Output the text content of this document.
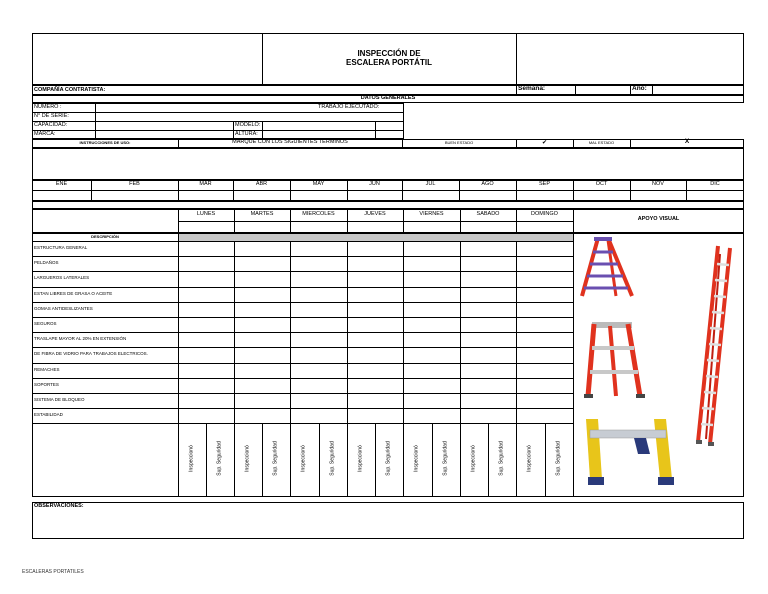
INSPECCIÓN DE
ESCALERA PORTÁTIL
COMPAÑÍA CONTRATISTA:	Semana:	Año:
DATOS GENERALES
NUMERO :
N° DE SERIE:
CAPACIDAD:
MARCA:
TRABAJO EJECUTADO:
MODELO:
ALTURA:
INSTRUCCIONES DE USO:	MARQUE CON LOS SIGUIENTES TERMINOS	BUEN ESTADO	✔	MAL ESTADO	X
ENE	FEB	MAR	ABR	MAY	JUN	JUL	AGO	SEP	OCT	NOV	DIC
LUNES	MARTES	MIERCOLES	JUEVES	VIERNES	SABADO	DOMINGO
APOYO VISUAL
DESCRIPCIÓN
ESTRUCTURA GENERAL
PELDAÑOS
LARGUEROS LATERALES
ESTAN LIBRES DE GRASA O ACEITE
GOMAS ANTIDESLIZANTES
SEGUROS
TRASLAPE MAYOR AL 20% EN EXTENSIÓN
DE FIBRA DE VIDRIO PARA TRABAJOS ELECTRICOS.
REMACHES
SOPORTES
SISTEMA DE BLOQUEO
ESTABILIDAD
Inspeccionó	Sup. Seguridad	Inspeccionó	Sup. Seguridad	Inspeccionó	Sup. Seguridad	Inspeccionó	Sup. Seguridad	Inspeccionó	Sup. Seguridad	Inspeccionó	Sup. Seguridad	Inspeccionó	Sup. Seguridad
OBSERVACIONES:
ESCALERAS PORTATILES
